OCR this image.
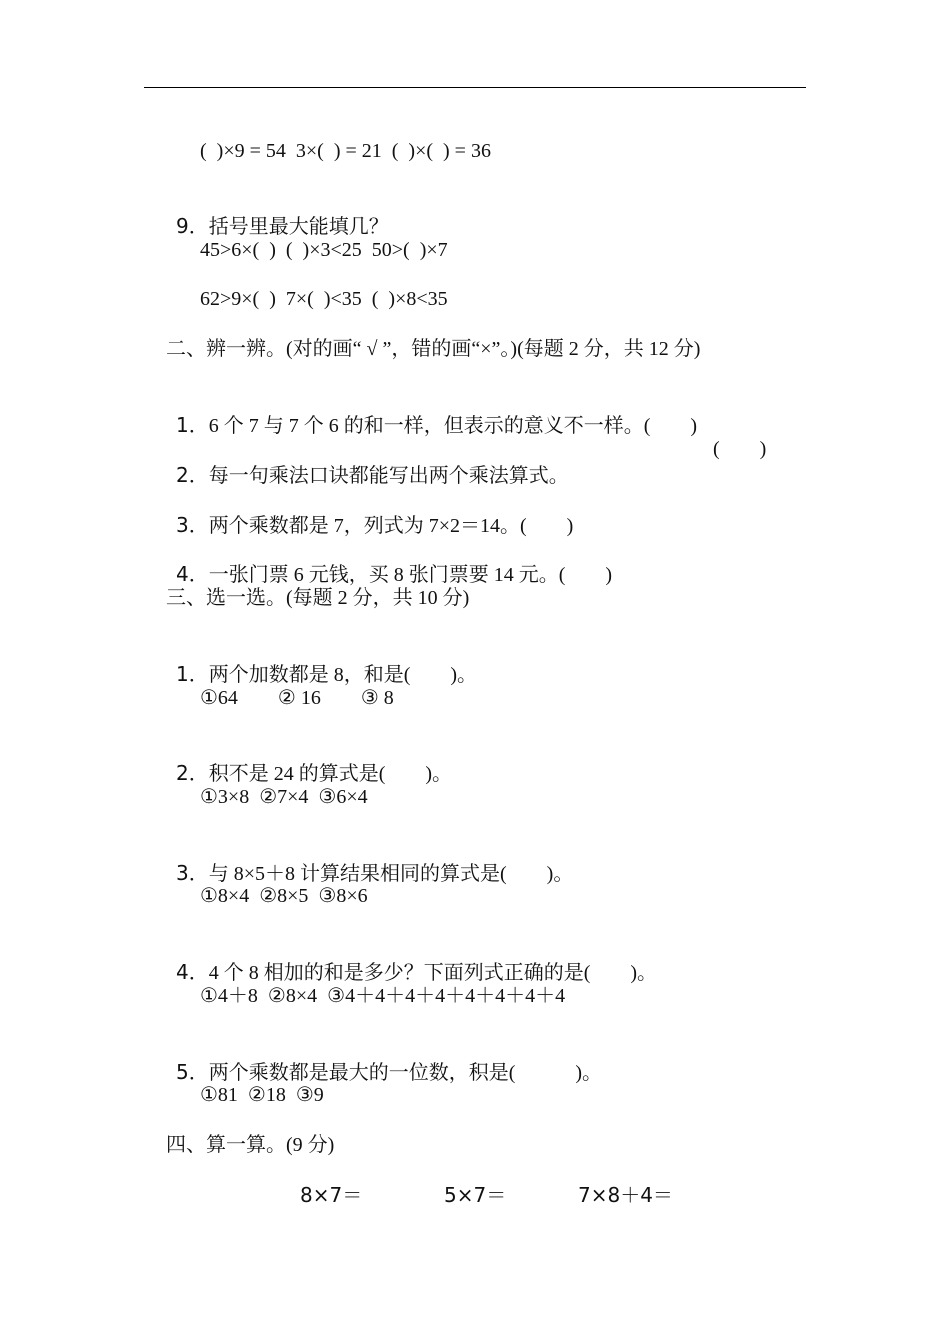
(  )×9 = 54  3×(  ) = 21  (  )×(  ) = 36

9．括号里最大能填几？

45>6×(  )  (  )×3<25  50>(  )×7
62>9×(  )  7×(  )<35  (  )×8<35
二、辨一辨。(对的画“ √ ”，错的画“×”。)(每题 2 分，共 12 分)

1．6 个 7 与 7 个 6 的和一样，但表示的意义不一样。(        )

2．每一句乘法口诀都能写出两个乘法算式。

(        )

3．两个乘数都是 7，列式为 7×2＝14。(        )

4．一张门票 6 元钱，买 8 张门票要 14 元。(        )

三、选一选。(每题 2 分，共 10 分)

1．两个加数都是 8，和是(        )。

①64        ② 16        ③ 8

2．积不是 24 的算式是(        )。

①3×8  ②7×4  ③6×4

3．与 8×5＋8 计算结果相同的算式是(        )。

①8×4  ②8×5  ③8×6

4．4 个 8 相加的和是多少？下面列式正确的是(        )。

①4＋8  ②8×4  ③4＋4＋4＋4＋4＋4＋4＋4

5．两个乘数都是最大的一位数，积是(            )。

①81  ②18  ③9
四、算一算。(9 分)
8×7＝	5×7＝	7×8＋4＝
